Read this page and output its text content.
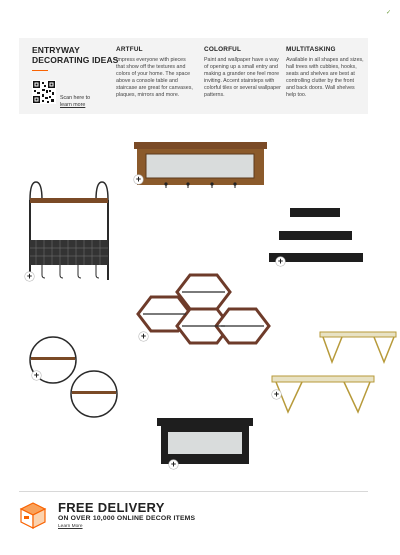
✓
ENTRYWAY DECORATING IDEAS
Scan here to
learn more
ARTFUL

Impress everyone with pieces that show off the textures and colors of your home. The space above a console table and staircase are great for canvases, plaques, mirrors and more.

COLORFUL

Paint and wallpaper have a way of opening up a small entry and making a grander one feel more inviting. Accent stairsteps with colorful tiles or several wallpaper patterns.

MULTITASKING

Available in all shapes and sizes, hall trees with cubbies, hooks, seats and shelves are best at controlling clutter by the front and back doors. Wall shelves help too.

+
+
+
+
+
+
+
FREE DELIVERY
ON OVER 10,000 ONLINE DECOR ITEMS
Learn More
